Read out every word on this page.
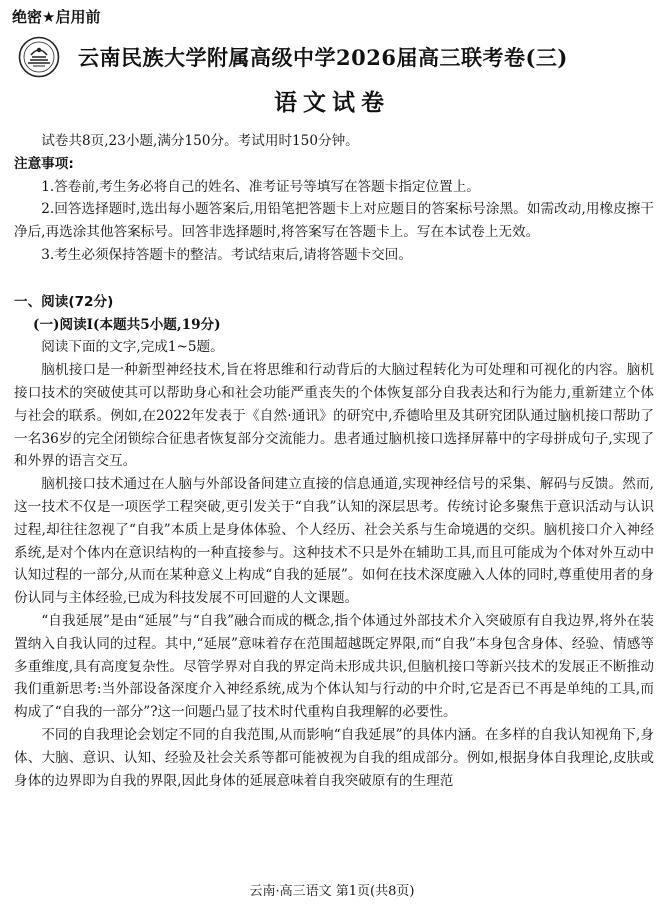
绝密★启用前
云南民族大学附属高级中学2026届高三联考卷(三)
语文试卷

试卷共8页,23小题,满分150分。考试用时150分钟。

注意事项:

1.答卷前,考生务必将自己的姓名、准考证号等填写在答题卡指定位置上。

2.回答选择题时,选出每小题答案后,用铅笔把答题卡上对应题目的答案标号涂黑。如需改动,用橡皮擦干净后,再选涂其他答案标号。回答非选择题时,将答案写在答题卡上。写在本试卷上无效。

3.考生必须保持答题卡的整洁。考试结束后,请将答题卡交回。

一、阅读(72分)

(一)阅读Ⅰ(本题共5小题,19分)

阅读下面的文字,完成1~5题。

脑机接口是一种新型神经技术,旨在将思维和行动背后的大脑过程转化为可处理和可视化的内容。脑机接口技术的突破使其可以帮助身心和社会功能严重丧失的个体恢复部分自我表达和行为能力,重新建立个体与社会的联系。例如,在2022年发表于《自然·通讯》的研究中,乔德哈里及其研究团队通过脑机接口帮助了一名36岁的完全闭锁综合征患者恢复部分交流能力。患者通过脑机接口选择屏幕中的字母拼成句子,实现了和外界的语言交互。

脑机接口技术通过在人脑与外部设备间建立直接的信息通道,实现神经信号的采集、解码与反馈。然而,这一技术不仅是一项医学工程突破,更引发关于“自我”认知的深层思考。传统讨论多聚焦于意识活动与认识过程,却往往忽视了“自我”本质上是身体体验、个人经历、社会关系与生命境遇的交织。脑机接口介入神经系统,是对个体内在意识结构的一种直接参与。这种技术不只是外在辅助工具,而且可能成为个体对外互动中认知过程的一部分,从而在某种意义上构成“自我的延展”。如何在技术深度融入人体的同时,尊重使用者的身份认同与主体经验,已成为科技发展不可回避的人文课题。

“自我延展”是由“延展”与“自我”融合而成的概念,指个体通过外部技术介入突破原有自我边界,将外在装置纳入自我认同的过程。其中,“延展”意味着存在范围超越既定界限,而“自我”本身包含身体、经验、情感等多重维度,具有高度复杂性。尽管学界对自我的界定尚未形成共识,但脑机接口等新兴技术的发展正不断推动我们重新思考:当外部设备深度介入神经系统,成为个体认知与行动的中介时,它是否已不再是单纯的工具,而构成了“自我的一部分”?这一问题凸显了技术时代重构自我理解的必要性。

不同的自我理论会划定不同的自我范围,从而影响“自我延展”的具体内涵。在多样的自我认知视角下,身体、大脑、意识、认知、经验及社会关系等都可能被视为自我的组成部分。例如,根据身体自我理论,皮肤或身体的边界即为自我的界限,因此身体的延展意味着自我突破原有的生理范

云南·高三语文 第1页(共8页)
